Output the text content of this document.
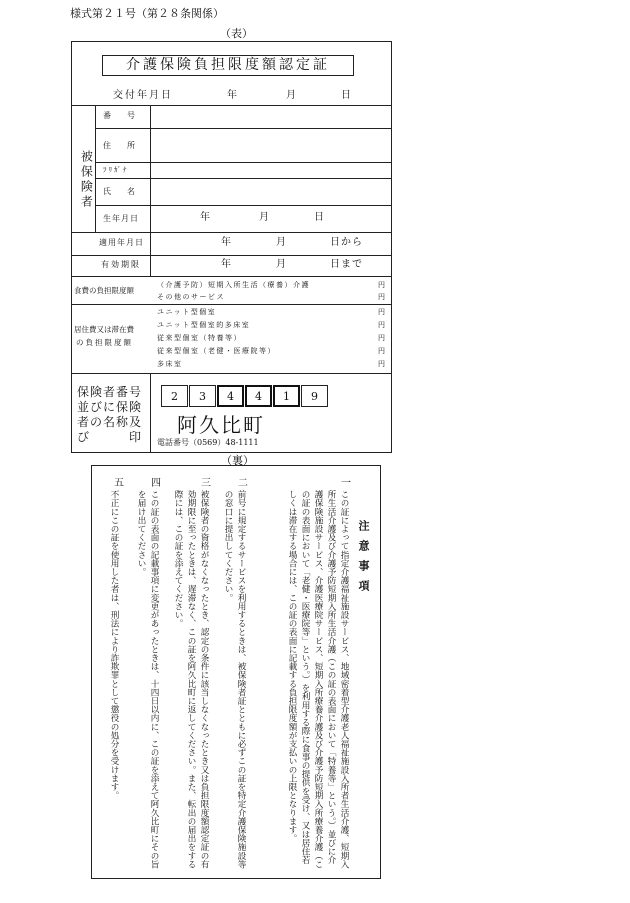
様式第２１号（第２８条関係）
（表）
介護保険負担限度額認定証
交付年月日	年	月	日
被保険者
番　号
住　所
ﾌﾘｶﾞﾅ
氏　名
生年月日	年	月	日
適用年月日	年	月	日から
有効期限	年	月	日まで
食費の負担限度額
（介護予防）短期入所生活（療養）介護	円
その他のサービス	円
居住費又は滞在費
の負担限度額
ユニット型個室	円
ユニット型個室的多床室	円
従来型個室（特養等）	円
従来型個室（老健・医療院等）	円
多床室	円
保険者番号
並びに保険
者の名称及
び　　　印
2	3	4	4	1	9
阿久比町
電話番号（0569）48-1111
（裏）
注意事項
一
この証によって指定介護福祉施設サービス、地域密着型介護老人福祉施設入所者生活介護、短期入所生活介護及び介護予防短期入所生活介護（この証の表面において「特養等」という。）並びに介護保険施設サービス、介護医療院サービス、短期入所療養介護及び介護予防短期入所療養介護（この証の表面において「老健・医療院等」という。）を利用する際に食事の提供を受け、又は居住若しくは滞在する場合には、この証の表面に記載する負担限度額が支払いの上限となります。
二
前号に規定するサービスを利用するときは、被保険者証とともに必ずこの証を特定介護保険施設等の窓口に提出してください。
三
被保険者の資格がなくなったとき、認定の条件に該当しなくなったとき又は負担限度額認定証の有効期限に至ったときは、遅滞なく、この証を阿久比町に返してください。また、転出の届出をする際には、この証を添えてください。
四
この証の表面の記載事項に変更があったときは、十四日以内に、この証を添えて阿久比町にその旨を届け出てください。
五
不正にこの証を使用した者は、刑法により詐欺罪として懲役の処分を受けます。
